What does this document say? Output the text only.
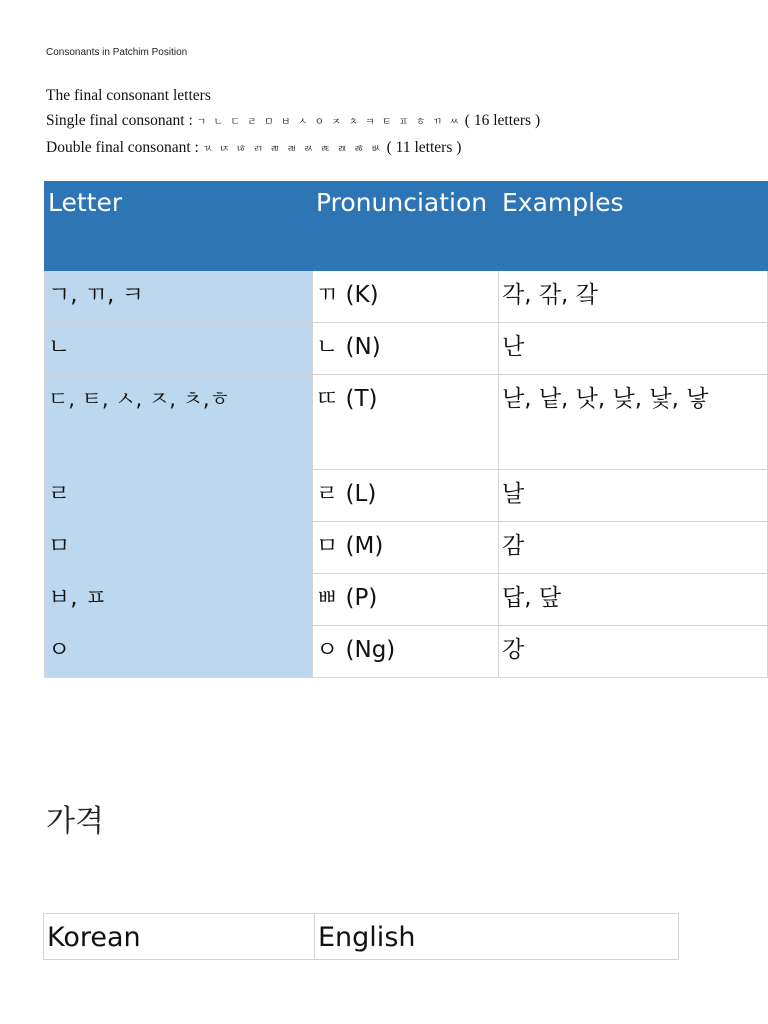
Consonants in Patchim Position
The final consonant letters
Single final consonant : ㄱ ㄴ ㄷ ㄹ ㅁ ㅂ ㅅ ㅇ ㅈ ㅊ ㅋ ㅌ ㅍ ㅎ ㄲ ㅆ ( 16 letters )
Double final consonant : ㄳ ㄵ ㄶ ㄺ ㄻ ㄼ ㄽ ㄾ ㄿ ㅀ ㅄ ( 11 letters )
Letter	Pronunciation	Examples
ㄱ, ㄲ, ㅋ	ㄲ (K)	각, 갂, 갘
ㄴ	ㄴ (N)	난
ㄷ, ㅌ, ㅅ, ㅈ, ㅊ,ㅎ	ㄸ (T)	낟, 낱, 낫, 낮, 낯, 낳
ㄹ	ㄹ (L)	날
ㅁ	ㅁ (M)	감
ㅂ, ㅍ	ㅃ (P)	답, 닾
ㅇ	ㅇ (Ng)	강
가격
Korean	English
